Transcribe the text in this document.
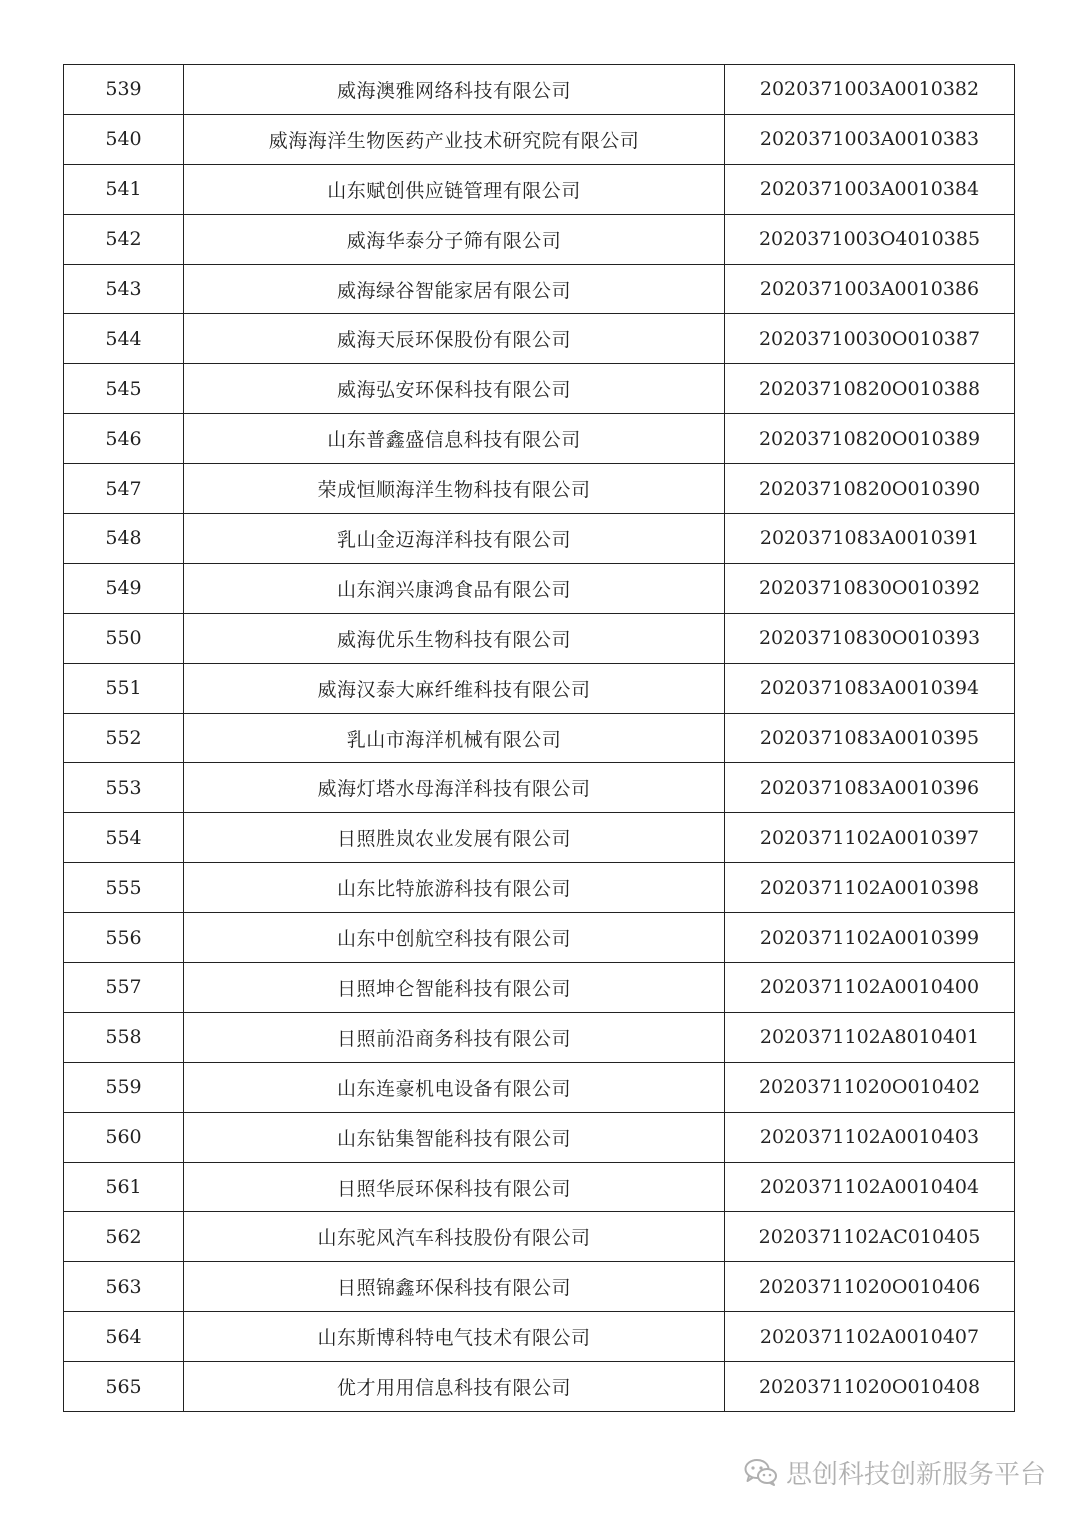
539	威海澳雅网络科技有限公司	2020371003A0010382
540	威海海洋生物医药产业技术研究院有限公司	2020371003A0010383
541	山东赋创供应链管理有限公司	2020371003A0010384
542	威海华泰分子筛有限公司	2020371003O4010385
543	威海绿谷智能家居有限公司	2020371003A0010386
544	威海天辰环保股份有限公司	20203710030O010387
545	威海弘安环保科技有限公司	20203710820O010388
546	山东普鑫盛信息科技有限公司	20203710820O010389
547	荣成恒顺海洋生物科技有限公司	20203710820O010390
548	乳山金迈海洋科技有限公司	2020371083A0010391
549	山东润兴康鸿食品有限公司	20203710830O010392
550	威海优乐生物科技有限公司	20203710830O010393
551	威海汉泰大麻纤维科技有限公司	2020371083A0010394
552	乳山市海洋机械有限公司	2020371083A0010395
553	威海灯塔水母海洋科技有限公司	2020371083A0010396
554	日照胜岚农业发展有限公司	2020371102A0010397
555	山东比特旅游科技有限公司	2020371102A0010398
556	山东中创航空科技有限公司	2020371102A0010399
557	日照坤仑智能科技有限公司	2020371102A0010400
558	日照前沿商务科技有限公司	2020371102A8010401
559	山东连豪机电设备有限公司	20203711020O010402
560	山东钻集智能科技有限公司	2020371102A0010403
561	日照华辰环保科技有限公司	2020371102A0010404
562	山东驼风汽车科技股份有限公司	2020371102AC010405
563	日照锦鑫环保科技有限公司	20203711020O010406
564	山东斯博科特电气技术有限公司	2020371102A0010407
565	优才用用信息科技有限公司	20203711020O010408
思创科技创新服务平台
